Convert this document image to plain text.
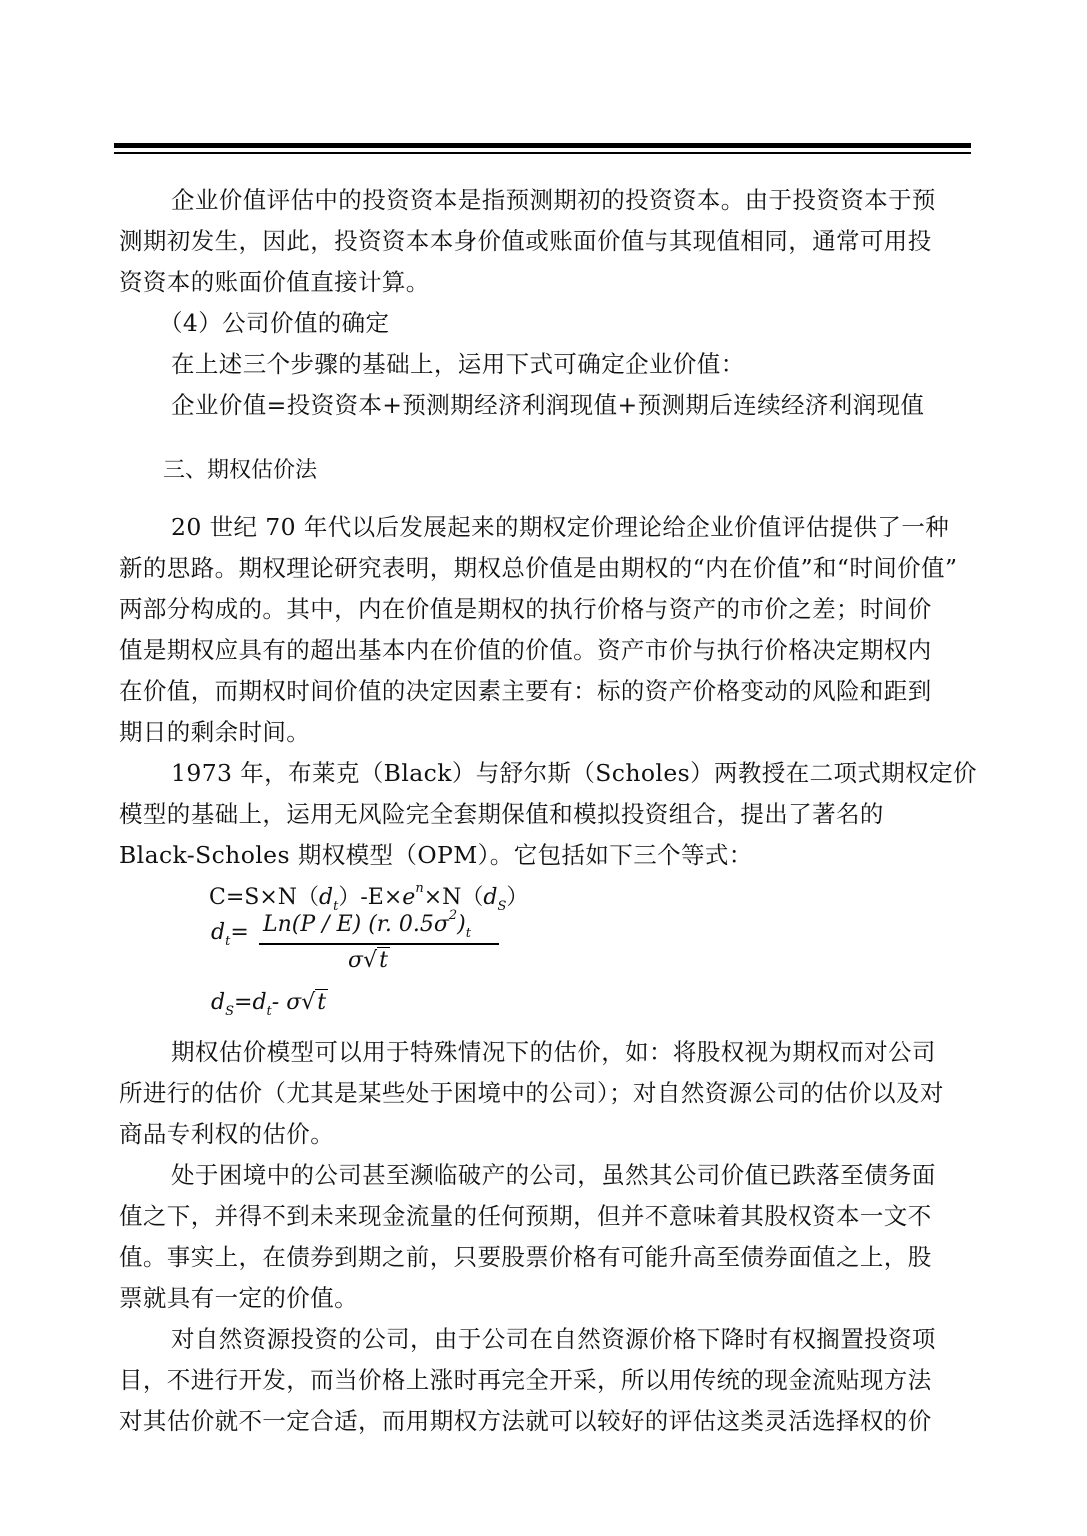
企业价值评估中的投资资本是指预测期初的投资资本。由于投资资本于预
测期初发生，因此，投资资本本身价值或账面价值与其现值相同，通常可用投
资资本的账面价值直接计算。
（4）公司价值的确定
在上述三个步骤的基础上，运用下式可确定企业价值：
企业价值=投资资本+预测期经济利润现值+预测期后连续经济利润现值
三、期权估价法
20 世纪 70 年代以后发展起来的期权定价理论给企业价值评估提供了一种
新的思路。期权理论研究表明，期权总价值是由期权的“内在价值”和“时间价值”
两部分构成的。其中，内在价值是期权的执行价格与资产的市价之差；时间价
值是期权应具有的超出基本内在价值的价值。资产市价与执行价格决定期权内
在价值，而期权时间价值的决定因素主要有：标的资产价格变动的风险和距到
期日的剩余时间。
1973 年，布莱克（Black）与舒尔斯（Scholes）两教授在二项式期权定价
模型的基础上，运用无风险完全套期保值和模拟投资组合，提出了著名的
Black-Scholes 期权模型（OPM）。它包括如下三个等式：
$C=S\times N(d_t)-E\times e^n\times N(d_S)$
$d_t= Ln(P / E)$ (r. $0.5\sigma^2)_t$
σ√t
$d_S=d_t-$ σ√t
期权估价模型可以用于特殊情况下的估价，如：将股权视为期权而对公司
所进行的估价（尤其是某些处于困境中的公司）；对自然资源公司的估价以及对
商品专利权的估价。
处于困境中的公司甚至濒临破产的公司，虽然其公司价值已跌落至债务面
值之下，并得不到未来现金流量的任何预期，但并不意味着其股权资本一文不
值。事实上，在债券到期之前，只要股票价格有可能升高至债券面值之上，股
票就具有一定的价值。
对自然资源投资的公司，由于公司在自然资源价格下降时有权搁置投资项
目，不进行开发，而当价格上涨时再完全开采，所以用传统的现金流贴现方法
对其估价就不一定合适，而用期权方法就可以较好的评估这类灵活选择权的价
